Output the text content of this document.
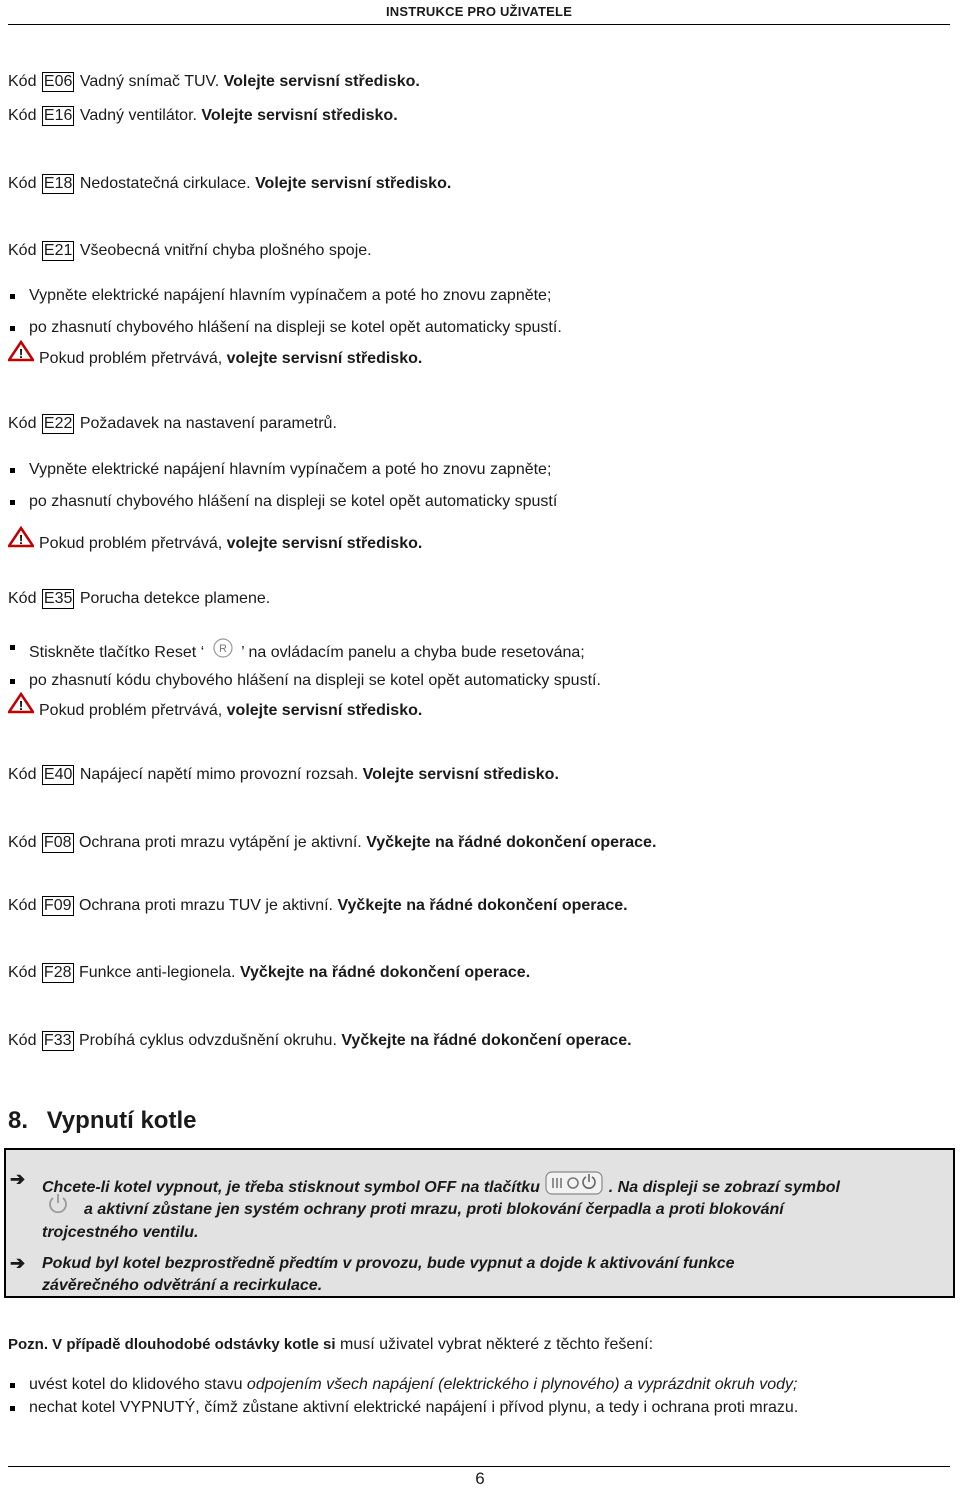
INSTRUKCE PRO UŽIVATELE
Kód E06 Vadný snímač TUV. Volejte servisní středisko.
Kód E16 Vadný ventilátor. Volejte servisní středisko.
Kód E18 Nedostatečná cirkulace. Volejte servisní středisko.
Kód E21 Všeobecná vnitřní chyba plošného spoje.
Vypněte elektrické napájení hlavním vypínačem a poté ho znovu zapněte;
po zhasnutí chybového hlášení na displeji se kotel opět automaticky spustí.
! Pokud problém přetrvává, volejte servisní středisko.
Kód E22 Požadavek na nastavení parametrů.
Vypněte elektrické napájení hlavním vypínačem a poté ho znovu zapněte;
po zhasnutí chybového hlášení na displeji se kotel opět automaticky spustí
! Pokud problém přetrvává, volejte servisní středisko.
Kód E35 Porucha detekce plamene.
Stiskněte tlačítko Reset ‘ R ’ na ovládacím panelu a chyba bude resetována;
po zhasnutí kódu chybového hlášení na displeji se kotel opět automaticky spustí.
! Pokud problém přetrvává, volejte servisní středisko.
Kód E40 Napájecí napětí mimo provozní rozsah. Volejte servisní středisko.
Kód F08 Ochrana proti mrazu vytápění je aktivní. Vyčkejte na řádné dokončení operace.
Kód F09 Ochrana proti mrazu TUV je aktivní. Vyčkejte na řádné dokončení operace.
Kód F28 Funkce anti-legionela. Vyčkejte na řádné dokončení operace.
Kód F33 Probíhá cyklus odvzdušnění okruhu. Vyčkejte na řádné dokončení operace.
8. Vypnutí kotle
➔ Chcete-li kotel vypnout, je třeba stisknout symbol OFF na tlačítku	. Na displeji se zobrazí symbol
a aktivní zůstane jen systém ochrany proti mrazu, proti blokování čerpadla a proti blokování
trojcestného ventilu.
➔ Pokud byl kotel bezprostředně předtím v provozu, bude vypnut a dojde k aktivování funkce
závěrečného odvětrání a recirkulace.
Pozn. V případě dlouhodobé odstávky kotle si musí uživatel vybrat některé z těchto řešení:
uvést kotel do klidového stavu odpojením všech napájení (elektrického i plynového) a vyprázdnit okruh vody;
nechat kotel VYPNUTÝ, čímž zůstane aktivní elektrické napájení i přívod plynu, a tedy i ochrana proti mrazu.
6
